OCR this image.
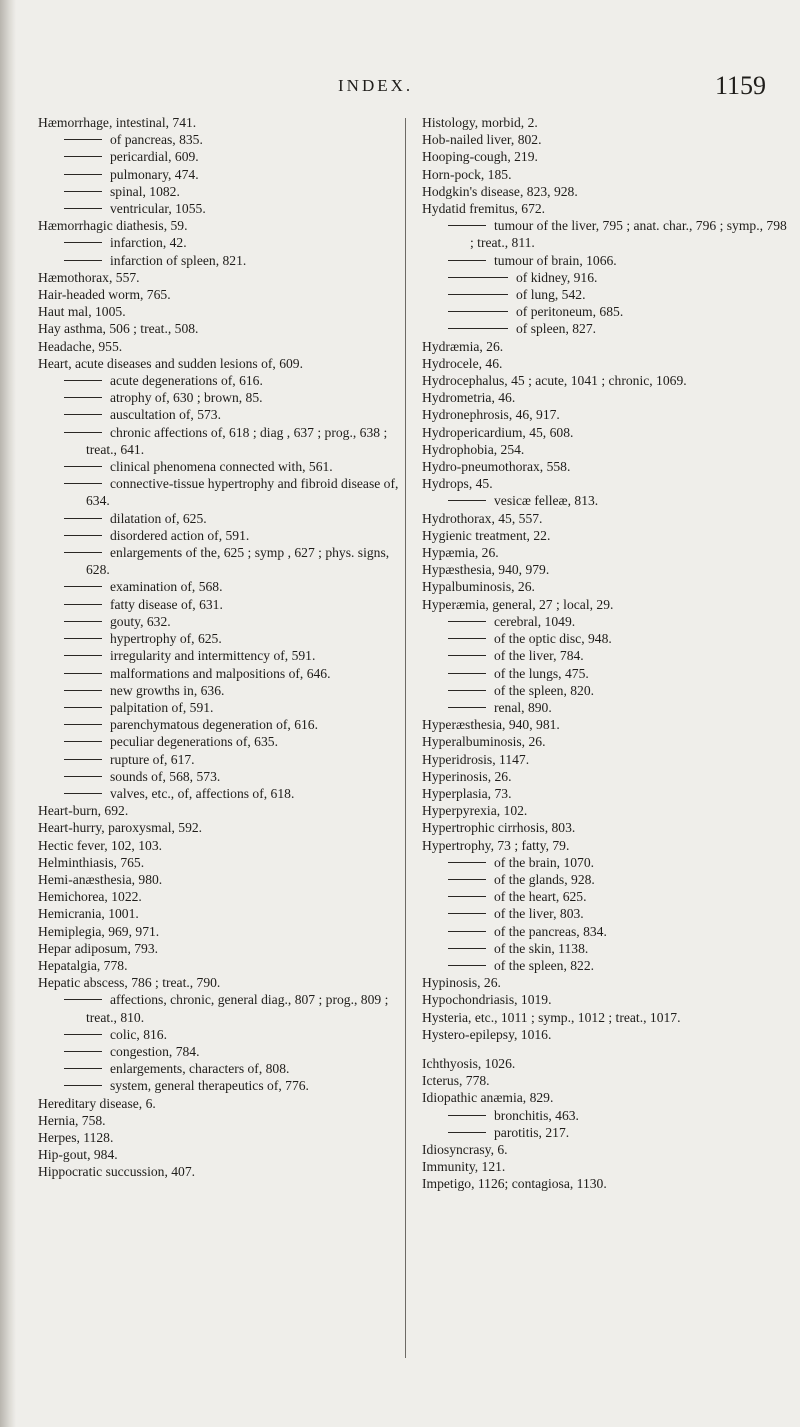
INDEX.	1159
Hæmorrhage, intestinal, 741.
of pancreas, 835.
pericardial, 609.
pulmonary, 474.
spinal, 1082.
ventricular, 1055.
Hæmorrhagic diathesis, 59.
infarction, 42.
infarction of spleen, 821.
Hæmothorax, 557.
Hair-headed worm, 765.
Haut mal, 1005.
Hay asthma, 506 ; treat., 508.
Headache, 955.
Heart, acute diseases and sudden lesions of, 609.
acute degenerations of, 616.
atrophy of, 630 ; brown, 85.
auscultation of, 573.
chronic affections of, 618 ; diag , 637 ; prog., 638 ; treat., 641.
clinical phenomena connected with, 561.
connective-tissue hypertrophy and fibroid disease of, 634.
dilatation of, 625.
disordered action of, 591.
enlargements of the, 625 ; symp , 627 ; phys. signs, 628.
examination of, 568.
fatty disease of, 631.
gouty, 632.
hypertrophy of, 625.
irregularity and intermittency of, 591.
malformations and malpositions of, 646.
new growths in, 636.
palpitation of, 591.
parenchymatous degeneration of, 616.
peculiar degenerations of, 635.
rupture of, 617.
sounds of, 568, 573.
valves, etc., of, affections of, 618.
Heart-burn, 692.
Heart-hurry, paroxysmal, 592.
Hectic fever, 102, 103.
Helminthiasis, 765.
Hemi-anæsthesia, 980.
Hemichorea, 1022.
Hemicrania, 1001.
Hemiplegia, 969, 971.
Hepar adiposum, 793.
Hepatalgia, 778.
Hepatic abscess, 786 ; treat., 790.
affections, chronic, general diag., 807 ; prog., 809 ; treat., 810.
colic, 816.
congestion, 784.
enlargements, characters of, 808.
system, general therapeutics of, 776.
Hereditary disease, 6.
Hernia, 758.
Herpes, 1128.
Hip-gout, 984.
Hippocratic succussion, 407.
Histology, morbid, 2.
Hob-nailed liver, 802.
Hooping-cough, 219.
Horn-pock, 185.
Hodgkin's disease, 823, 928.
Hydatid fremitus, 672.
tumour of the liver, 795 ; anat. char., 796 ; symp., 798 ; treat., 811.
tumour of brain, 1066.
of kidney, 916.
of lung, 542.
of peritoneum, 685.
of spleen, 827.
Hydræmia, 26.
Hydrocele, 46.
Hydrocephalus, 45 ; acute, 1041 ; chronic, 1069.
Hydrometria, 46.
Hydronephrosis, 46, 917.
Hydropericardium, 45, 608.
Hydrophobia, 254.
Hydro-pneumothorax, 558.
Hydrops, 45.
vesicæ felleæ, 813.
Hydrothorax, 45, 557.
Hygienic treatment, 22.
Hypæmia, 26.
Hypæsthesia, 940, 979.
Hypalbuminosis, 26.
Hyperæmia, general, 27 ; local, 29.
cerebral, 1049.
of the optic disc, 948.
of the liver, 784.
of the lungs, 475.
of the spleen, 820.
renal, 890.
Hyperæsthesia, 940, 981.
Hyperalbuminosis, 26.
Hyperidrosis, 1147.
Hyperinosis, 26.
Hyperplasia, 73.
Hyperpyrexia, 102.
Hypertrophic cirrhosis, 803.
Hypertrophy, 73 ; fatty, 79.
of the brain, 1070.
of the glands, 928.
of the heart, 625.
of the liver, 803.
of the pancreas, 834.
of the skin, 1138.
of the spleen, 822.
Hypinosis, 26.
Hypochondriasis, 1019.
Hysteria, etc., 1011 ; symp., 1012 ; treat., 1017.
Hystero-epilepsy, 1016.
Ichthyosis, 1026.
Icterus, 778.
Idiopathic anæmia, 829.
bronchitis, 463.
parotitis, 217.
Idiosyncrasy, 6.
Immunity, 121.
Impetigo, 1126; contagiosa, 1130.
